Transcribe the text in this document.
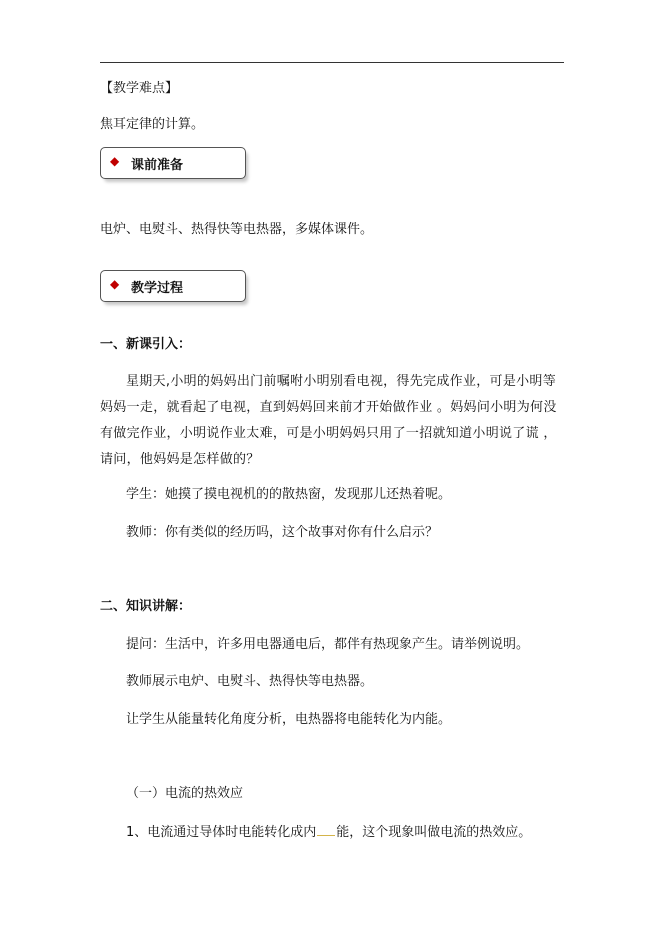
【教学难点】
焦耳定律的计算。
◆ 课前准备
电炉、电熨斗、热得快等电热器，多媒体课件。
◆ 教学过程
一、新课引入：
星期天,小明的妈妈出门前嘱咐小明别看电视，得先完成作业，可是小明等妈妈一走，就看起了电视，直到妈妈回来前才开始做作业 。妈妈问小明为何没有做完作业，小明说作业太难，可是小明妈妈只用了一招就知道小明说了谎 ，请问，他妈妈是怎样做的？
学生：她摸了摸电视机的的散热窗，发现那儿还热着呢。
教师：你有类似的经历吗，这个故事对你有什么启示？
二、知识讲解：
提问：生活中，许多用电器通电后，都伴有热现象产生。请举例说明。
教师展示电炉、电熨斗、热得快等电热器。
让学生从能量转化角度分析，电热器将电能转化为内能。
（一）电流的热效应
1、电流通过导体时电能转化成内 能，这个现象叫做电流的热效应。
